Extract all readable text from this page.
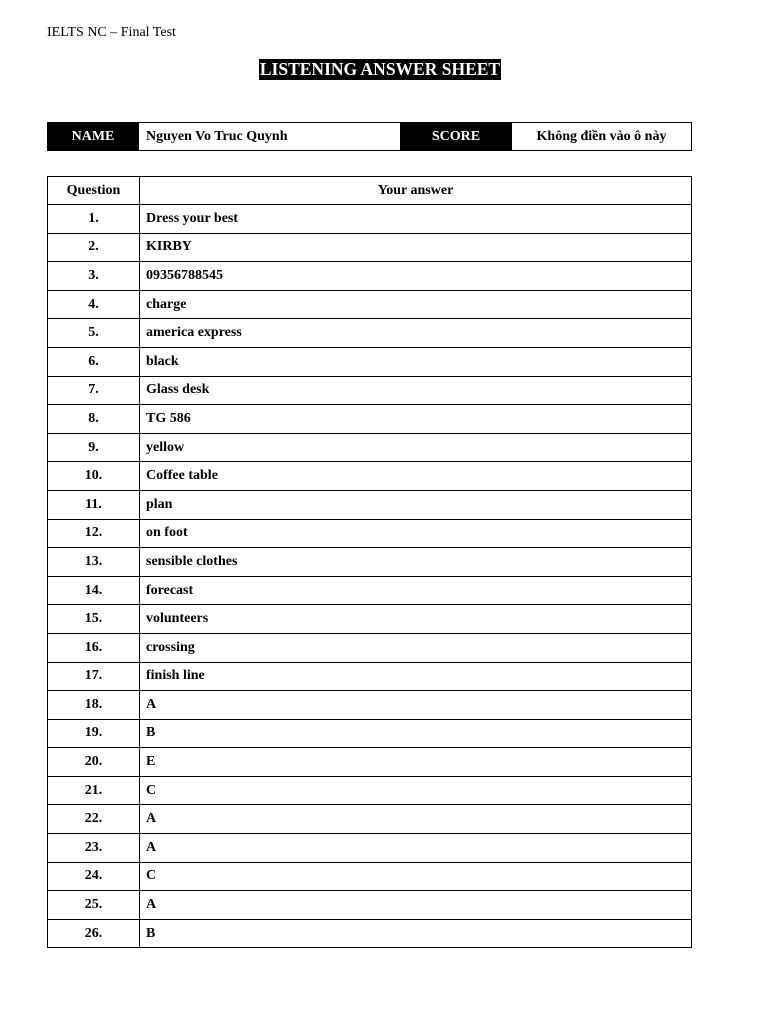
IELTS NC – Final Test
LISTENING ANSWER SHEET
NAME	Nguyen Vo Truc Quynh	SCORE	Không điền vào ô này
Question	Your answer
1.	Dress your best
2.	KIRBY
3.	09356788545
4.	charge
5.	america express
6.	black
7.	Glass desk
8.	TG 586
9.	yellow
10.	Coffee table
11.	plan
12.	on foot
13.	sensible clothes
14.	forecast
15.	volunteers
16.	crossing
17.	finish line
18.	A
19.	B
20.	E
21.	C
22.	A
23.	A
24.	C
25.	A
26.	B
